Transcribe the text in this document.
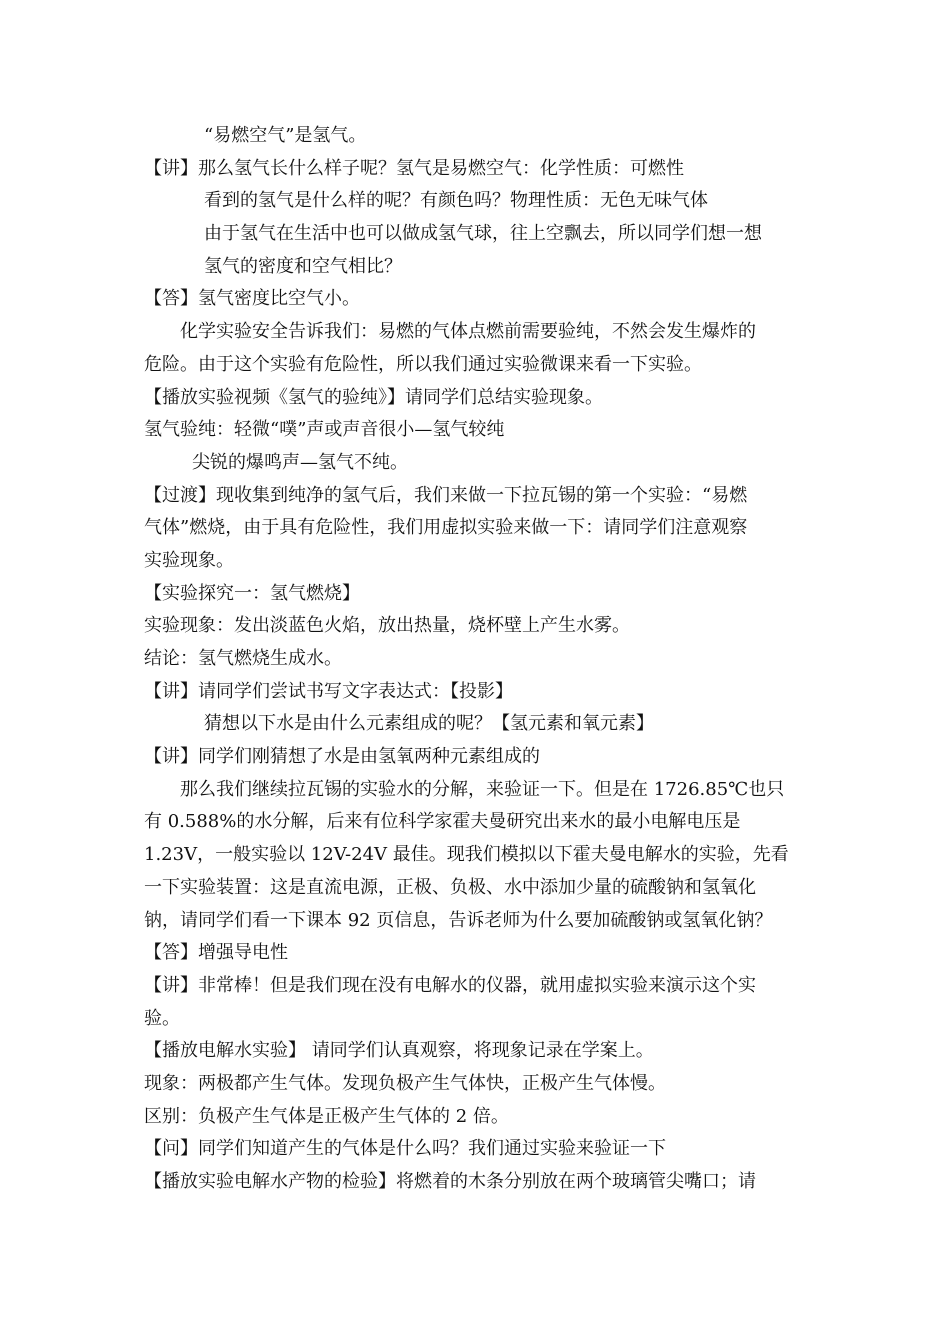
“易燃空气”是氢气。
【讲】那么氢气长什么样子呢？氢气是易燃空气：化学性质：可燃性
看到的氢气是什么样的呢？有颜色吗？物理性质：无色无味气体
由于氢气在生活中也可以做成氢气球，往上空飘去，所以同学们想一想
氢气的密度和空气相比？
【答】氢气密度比空气小。
化学实验安全告诉我们：易燃的气体点燃前需要验纯，不然会发生爆炸的
危险。由于这个实验有危险性，所以我们通过实验微课来看一下实验。
【播放实验视频《氢气的验纯》】请同学们总结实验现象。
氢气验纯：轻微“噗”声或声音很小—氢气较纯
尖锐的爆鸣声—氢气不纯。
【过渡】现收集到纯净的氢气后，我们来做一下拉瓦锡的第一个实验：“易燃
气体”燃烧，由于具有危险性，我们用虚拟实验来做一下：请同学们注意观察
实验现象。
【实验探究一：氢气燃烧】
实验现象：发出淡蓝色火焰，放出热量，烧杯壁上产生水雾。
结论：氢气燃烧生成水。
【讲】请同学们尝试书写文字表达式：【投影】
猜想以下水是由什么元素组成的呢？【氢元素和氧元素】
【讲】同学们刚猜想了水是由氢氧两种元素组成的
那么我们继续拉瓦锡的实验水的分解，来验证一下。但是在 1726.85℃也只
有 0.588%的水分解，后来有位科学家霍夫曼研究出来水的最小电解电压是
1.23V，一般实验以 12V-24V 最佳。现我们模拟以下霍夫曼电解水的实验，先看
一下实验装置：这是直流电源，正极、负极、水中添加少量的硫酸钠和氢氧化
钠，请同学们看一下课本 92 页信息，告诉老师为什么要加硫酸钠或氢氧化钠？
【答】增强导电性
【讲】非常棒！但是我们现在没有电解水的仪器，就用虚拟实验来演示这个实
验。
【播放电解水实验】 请同学们认真观察，将现象记录在学案上。
现象：两极都产生气体。发现负极产生气体快，正极产生气体慢。
区别：负极产生气体是正极产生气体的 2 倍。
【问】同学们知道产生的气体是什么吗？我们通过实验来验证一下
【播放实验电解水产物的检验】将燃着的木条分别放在两个玻璃管尖嘴口；请
